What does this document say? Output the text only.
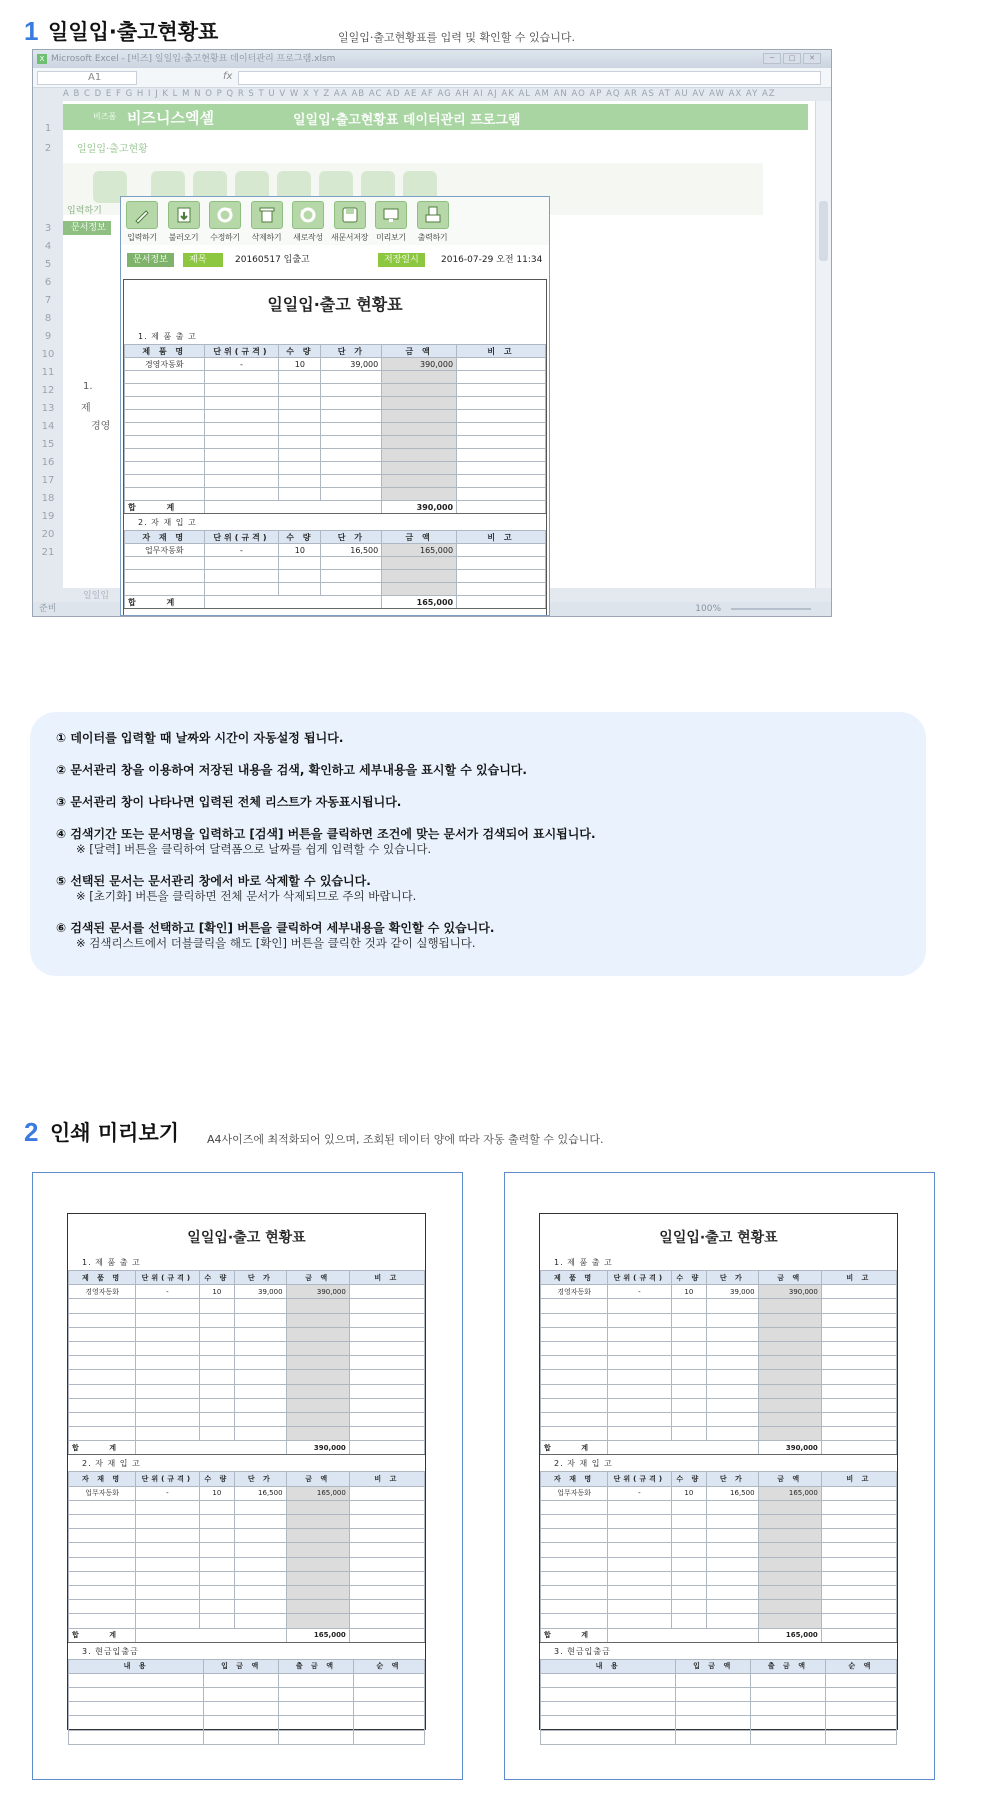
1 일일입·출고현황표	일일입·출고현황표를 입력 및 확인할 수 있습니다.
X Microsoft Excel - [비즈] 일일입·출고현황표 데이터관리 프로그램.xlsm	─	□	✕
A1	fx
A B C D E F G H I J K L M N O P Q R S T U V W X Y Z AA AB AC AD AE AF AG AH AI AJ AK AL AM AN AO AP AQ AR AS AT AU AV AW AX AY AZ
1
2
3
4
5
6
7
8
9
10
11
12
13
14
15
16
17
18
19
20
21
비즈폼 비즈니스엑셀	일일입·출고현황표 데이터관리 프로그램
일일입·출고현황
입력하기
문서정보
1.
제
경영
일일입
준비	100%
입력하기	불러오기	수정하기	삭제하기	새로작성	새문서저장	미리보기	출력하기
문서정보	제목	20160517 입출고	저장일시	2016-07-29 오전 11:34
일일입·출고 현황표
1. 제 품 출 고
제 품 명	단위(규격)	수 량	단 가	금 액	비 고
경영자동화	-	10	39,000	390,000	

합 계				390,000	
2. 자 재 입 고
자 재 명	단위(규격)	수 량	단 가	금 액	비 고
업무자동화	-	10	16,500	165,000	

합 계				165,000	
① 데이터를 입력할 때 날짜와 시간이 자동설정 됩니다.
② 문서관리 창을 이용하여 저장된 내용을 검색, 확인하고 세부내용을 표시할 수 있습니다.
③ 문서관리 창이 나타나면 입력된 전체 리스트가 자동표시됩니다.
④ 검색기간 또는 문서명을 입력하고 [검색] 버튼을 클릭하면 조건에 맞는 문서가 검색되어 표시됩니다.
※ [달력] 버튼을 클릭하여 달력폼으로 날짜를 쉽게 입력할 수 있습니다.
⑤ 선택된 문서는 문서관리 창에서 바로 삭제할 수 있습니다.
※ [초기화] 버튼을 클릭하면 전체 문서가 삭제되므로 주의 바랍니다.
⑥ 검색된 문서를 선택하고 [확인] 버튼을 클릭하여 세부내용을 확인할 수 있습니다.
※ 검색리스트에서 더블클릭을 해도 [확인] 버튼을 클릭한 것과 같이 실행됩니다.
2 인쇄 미리보기	A4사이즈에 최적화되어 있으며, 조회된 데이터 양에 따라 자동 출력할 수 있습니다.
일일입·출고 현황표
1. 제 품 출 고
제 품 명	단위(규격)	수 량	단 가	금 액	비 고
경영자동화	-	10	39,000	390,000	

합 계				390,000	
2. 자 재 입 고
자 재 명	단위(규격)	수 량	단 가	금 액	비 고
업무자동화	-	10	16,500	165,000	

합 계				165,000	
3. 현금입출금
내 용	입 금 액	출 금 액	순 액

일일입·출고 현황표
1. 제 품 출 고
제 품 명	단위(규격)	수 량	단 가	금 액	비 고
경영자동화	-	10	39,000	390,000	

합 계				390,000	
2. 자 재 입 고
자 재 명	단위(규격)	수 량	단 가	금 액	비 고
업무자동화	-	10	16,500	165,000	

합 계				165,000	
3. 현금입출금
내 용	입 금 액	출 금 액	순 액
